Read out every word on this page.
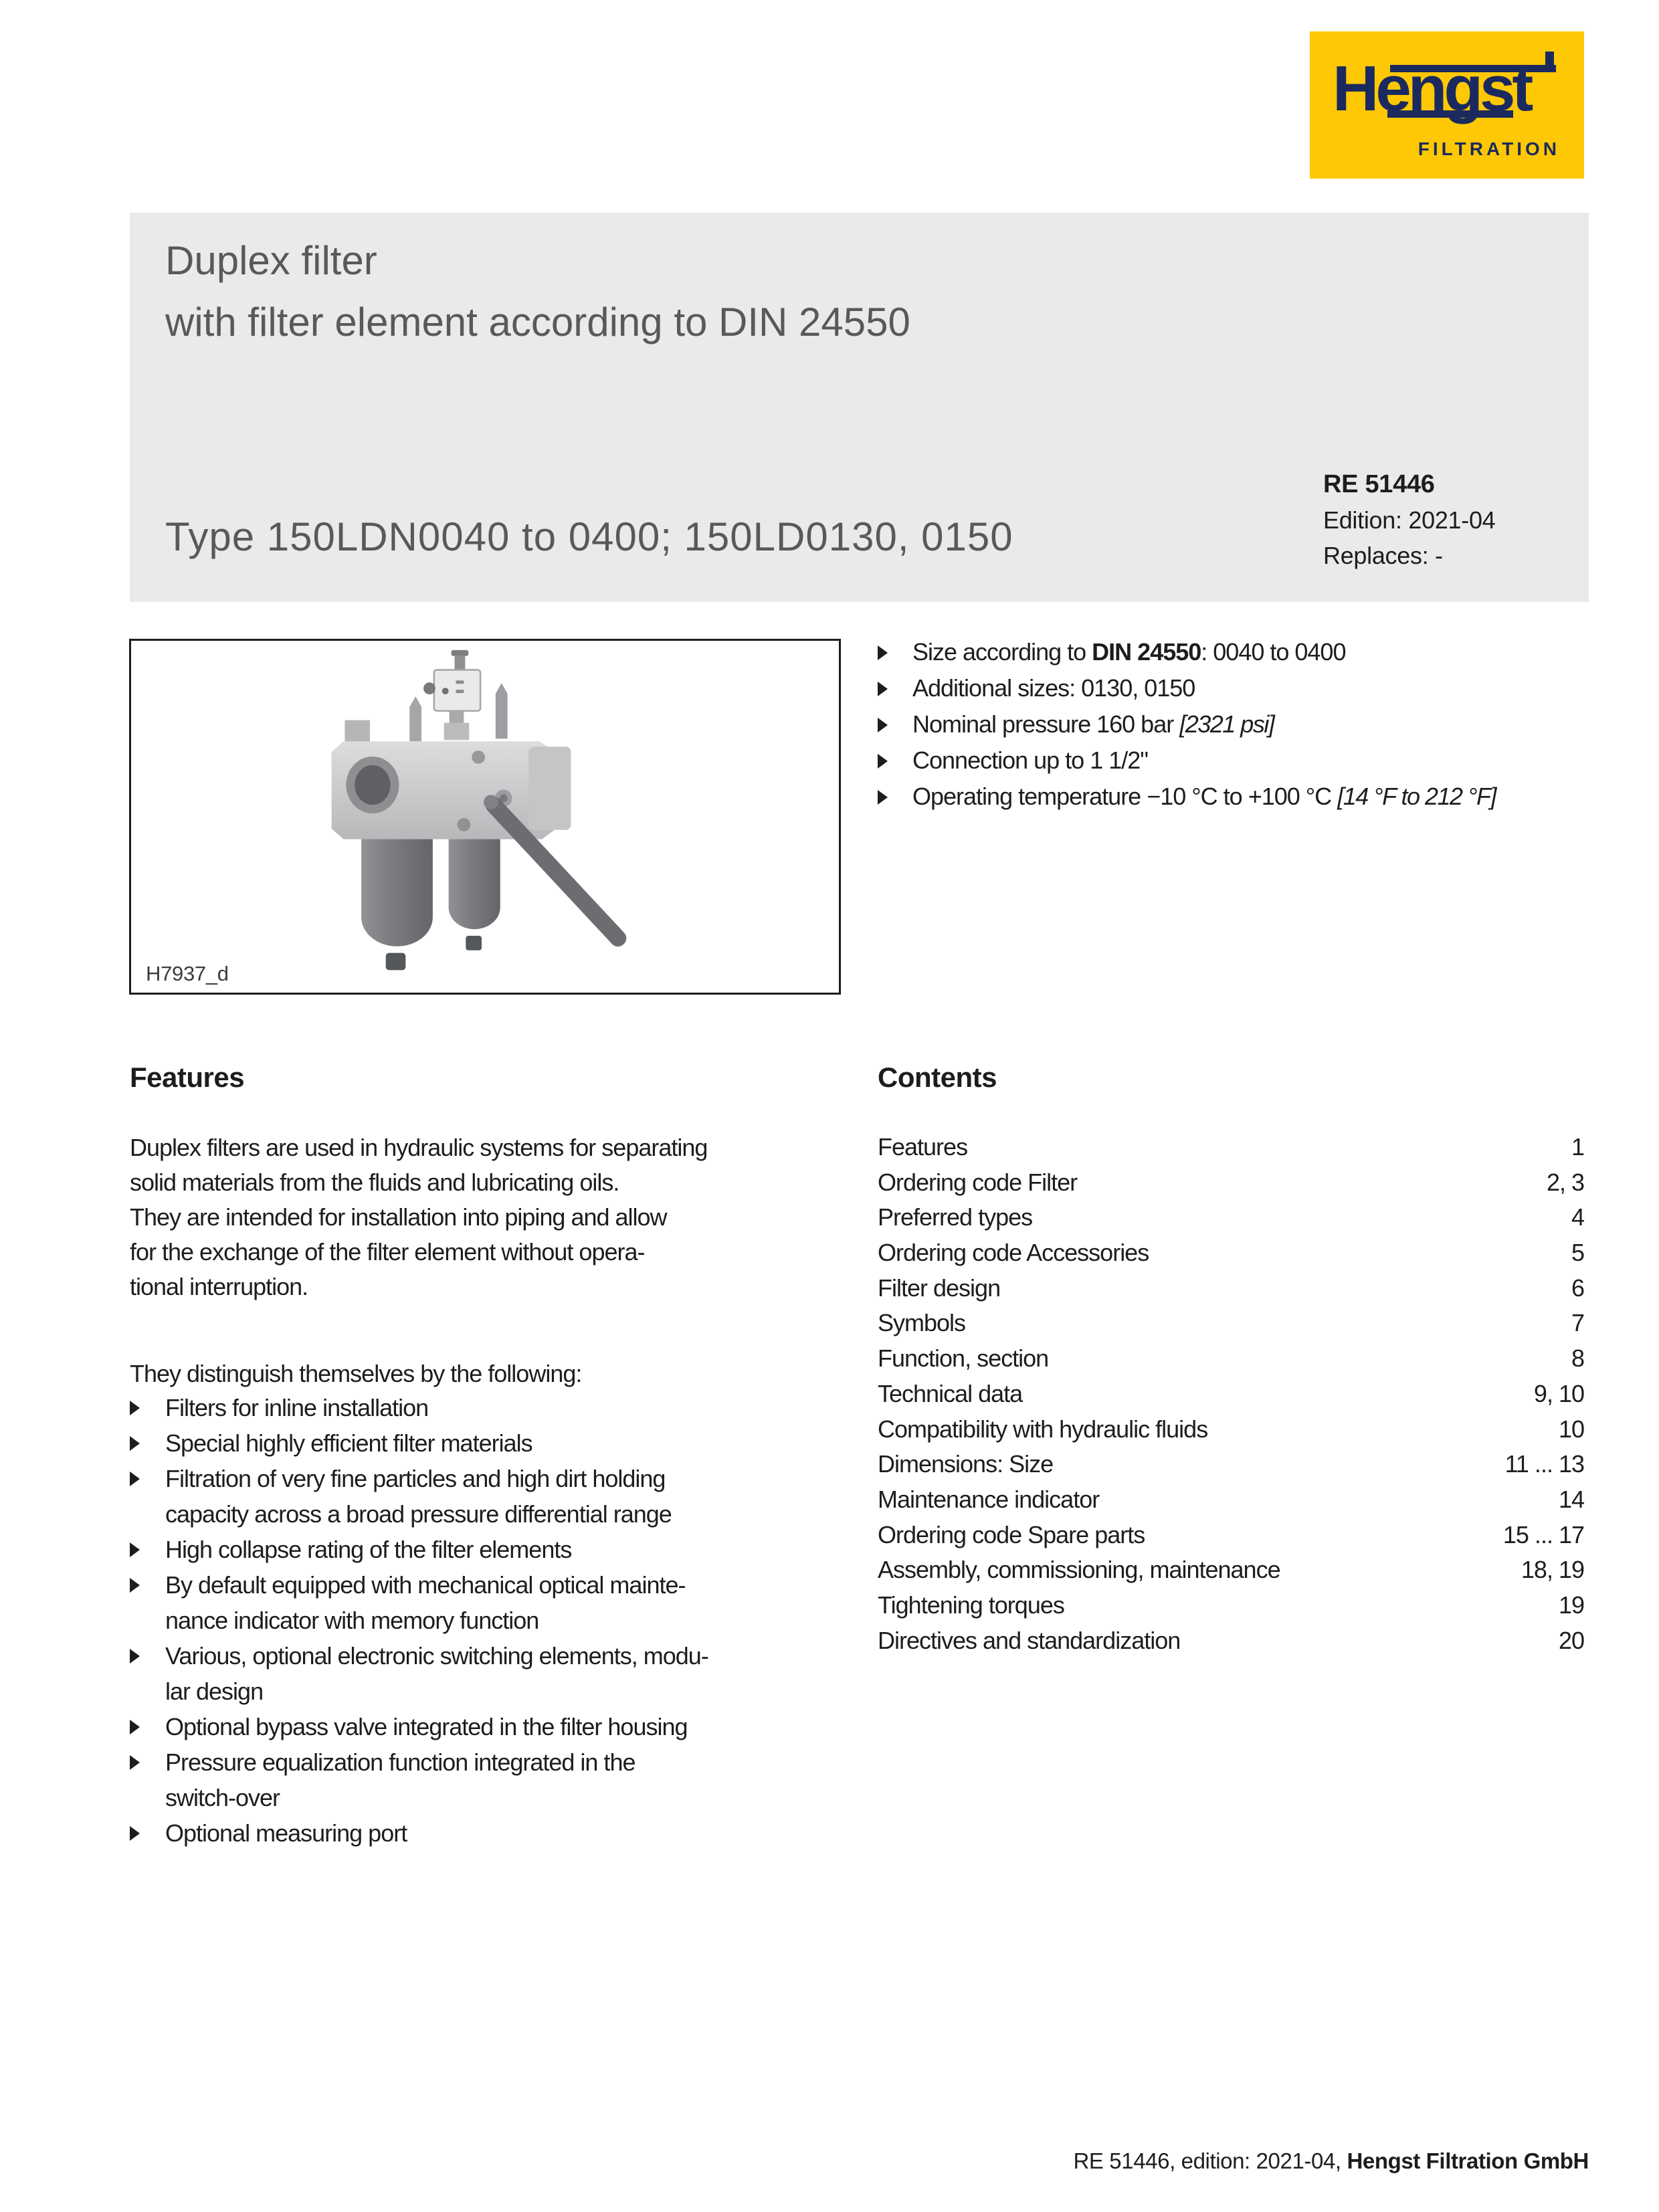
Hengst
FILTRATION
Duplex filter
with filter element according to DIN 24550
Type 150LDN0040 to 0400; 150LD0130, 0150
RE 51446
Edition: 2021-04
Replaces: -
H7937_d
Size according to DIN 24550: 0040 to 0400
Additional sizes: 0130, 0150
Nominal pressure 160 bar [2321 psi]
Connection up to 1 1/2"
Operating temperature −10 °C to +100 °C [14 °F to 212 °F]
Features
Duplex filters are used in hydraulic systems for separating
solid materials from the fluids and lubricating oils.
They are intended for installation into piping and allow
for the exchange of the filter element without opera-
tional interruption.
They distinguish themselves by the following:
Filters for inline installation
Special highly efficient filter materials
Filtration of very fine particles and high dirt holding
capacity across a broad pressure differential range
High collapse rating of the filter elements
By default equipped with mechanical optical mainte-
nance indicator with memory function
Various, optional electronic switching elements, modu-
lar design
Optional bypass valve integrated in the filter housing
Pressure equalization function integrated in the
switch-over
Optional measuring port
Contents
Features	1
Ordering code Filter	2, 3
Preferred types	4
Ordering code Accessories	5
Filter design	6
Symbols	7
Function, section	8
Technical data	9, 10
Compatibility with hydraulic fluids	10
Dimensions: Size	11 ... 13
Maintenance indicator	14
Ordering code Spare parts	15 ... 17
Assembly, commissioning, maintenance	18, 19
Tightening torques	19
Directives and standardization	20
RE 51446, edition: 2021-04, Hengst Filtration GmbH
